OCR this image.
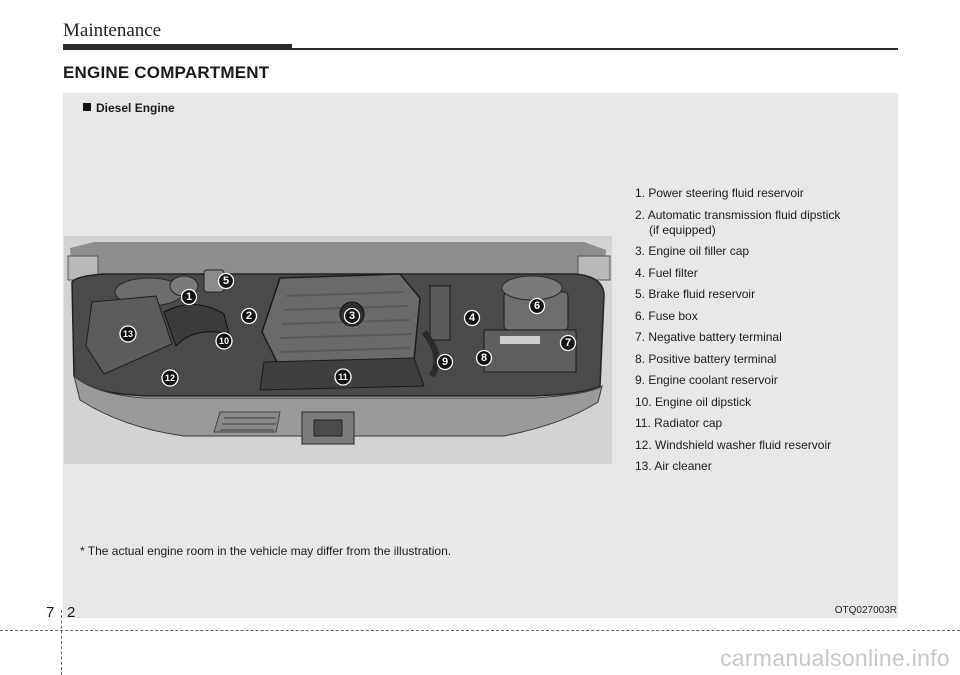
Maintenance
ENGINE COMPARTMENT
Diesel Engine
1
2	3	4
5
6
7
8
9
10
11
12
13
1. Power steering fluid reservoir
2. Automatic transmission fluid dipstick
(if equipped)
3. Engine oil filler cap
4. Fuel filter
5. Brake fluid reservoir
6. Fuse box
7. Negative battery terminal
8. Positive battery terminal
9. Engine coolant reservoir
10. Engine oil dipstick
11. Radiator cap
12. Windshield washer fluid reservoir
13. Air cleaner
* The actual engine room in the vehicle may differ from the illustration.
OTQ027003R
7 2
carmanualsonline.info
